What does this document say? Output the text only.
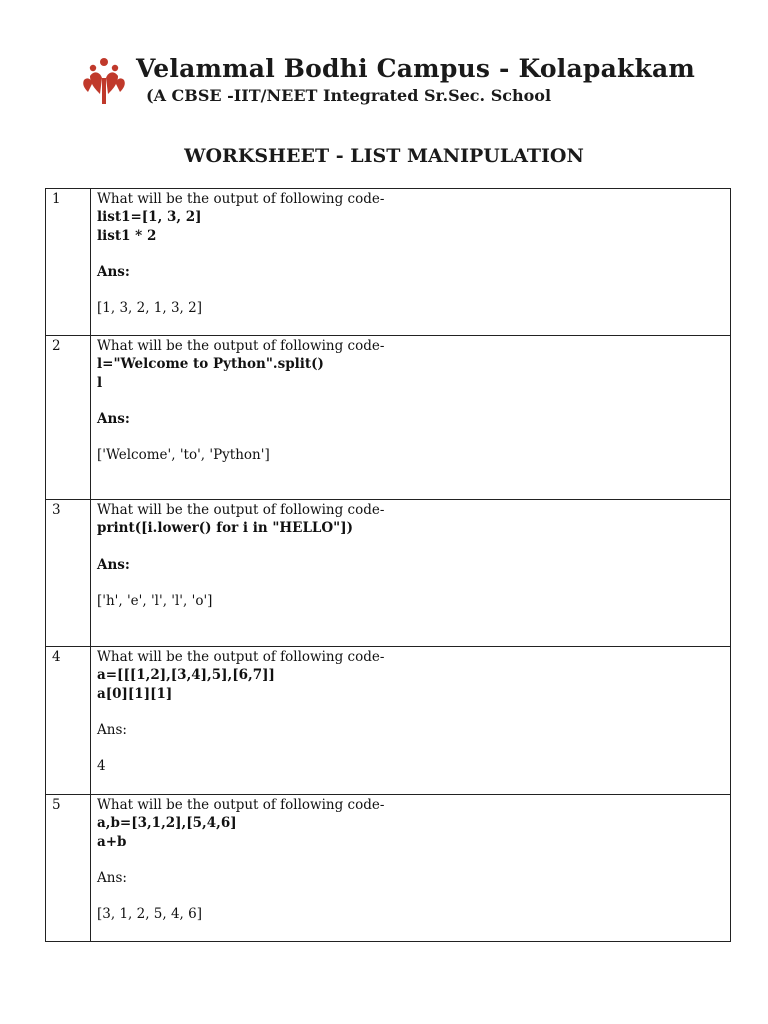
Velammal Bodhi Campus - Kolapakkam
(A CBSE -IIT/NEET Integrated Sr.Sec. School
WORKSHEET - LIST MANIPULATION
1	What will be the output of following code-
list1=[1, 3, 2]
list1 * 2
Ans:
[1, 3, 2, 1, 3, 2]

2	What will be the output of following code-
l="Welcome to Python".split()
l
Ans:
['Welcome', 'to', 'Python']

3	What will be the output of following code-
print([i.lower() for i in "HELLO"])
Ans:
['h', 'e', 'l', 'l', 'o']

4	What will be the output of following code-
a=[[[1,2],[3,4],5],[6,7]]
a[0][1][1]
Ans:
4

5	What will be the output of following code-
a,b=[3,1,2],[5,4,6]
a+b
Ans:
[3, 1, 2, 5, 4, 6]
